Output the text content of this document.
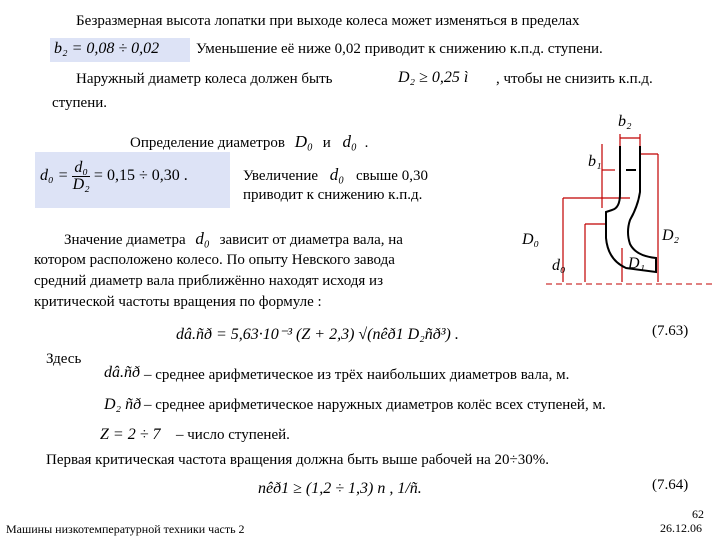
Безразмерная высота лопатки при выходе колеса может изменяться в пределах
b₂ = 0,08 ÷ 0,02 Уменьшение её ниже 0,02 приводит к снижению к.п.д. ступени.
Наружный диаметр колеса должен быть	D₂ ≥ 0,25 ì , чтобы не снизить к.п.д.
ступени.
Определение диаметров D₀ и d₀ .
$d_0 = \frac{\text{d₀}}{\text{D₂}} = 0,15 \div 0,30$ .	Увеличение d₀ свыше 0,30
приводит к снижению к.п.д.
Значение диаметра d₀ зависит от диаметра вала, на
котором расположено колесо. По опыту Невского завода
средний диаметр вала приближённо находят исходя из
критической частоты вращения по формуле :
dâ.ñð = 5,63·10⁻³ (Z + 2,3) √(nêð1 D₂ñð³) .	(7.63)
Здесь
dâ.ñð – среднее арифметическое из трёх наибольших диаметров вала, м.
D₂ ñð – среднее арифметическое наружных диаметров колёс всех ступеней, м.
Z = 2 ÷ 7 – число ступеней.
Первая критическая частота вращения должна быть выше рабочей на 20÷30%.
nêð1 ≥ (1,2 ÷ 1,3) n , 1/ñ.	(7.64)
Машины низкотемпературной техники часть 2
62
26.12.06
b₂
b₁
D₀	D₂
d₀	D₁
